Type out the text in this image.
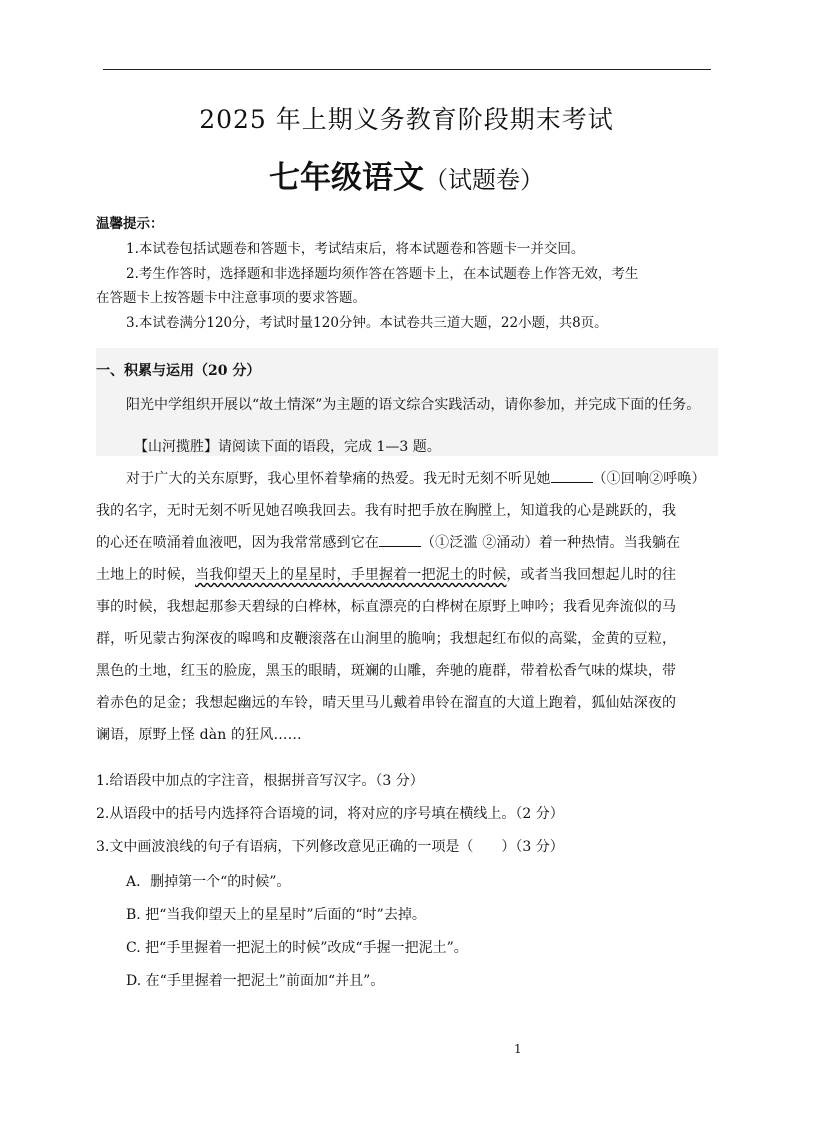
2025 年上期义务教育阶段期末考试
七年级语文（试题卷）
温馨提示：
1.本试卷包括试题卷和答题卡，考试结束后，将本试题卷和答题卡一并交回。
2.考生作答时，选择题和非选择题均须作答在答题卡上，在本试题卷上作答无效，考生
在答题卡上按答题卡中注意事项的要求答题。
3.本试卷满分120分，考试时量120分钟。本试卷共三道大题，22小题，共8页。
一、积累与运用（20 分）
阳光中学组织开展以“故土情深”为主题的语文综合实践活动，请你参加，并完成下面的任务。
【山河揽胜】请阅读下面的语段，完成 1—3 题。
对于广大的关东原野，我心里怀着挚痛的热爱。我无时无刻不听见她	（①回响②呼唤）
我的名字，无时无刻不听见她召唤我回去。我有时把手放在胸膛上，知道我的心是跳跃的，我
的心还在喷涌着血液吧，因为我常常感到它在	（①泛滥 ②涌动）着一种热情。当我躺在
土地上的时候，当我仰望天上的星星时，手里握着一把泥土的时候，或者当我回想起儿时的往
事的时候，我想起那参天碧绿的白桦林，标直漂亮的白桦树在原野上呻吟；我看见奔流似的马
群，听见蒙古狗深夜的嗥鸣和皮鞭滚落在山涧里的脆响；我想起红布似的高粱，金黄的豆粒，
黑色的土地，红玉的脸庞，黑玉的眼睛，斑斓的山雕，奔驰的鹿群，带着松香气味的煤块，带
着赤色的足金；我想起幽远的车铃，晴天里马儿戴着串铃在溜直的大道上跑着，狐仙姑深夜的
谰语，原野上怪 dàn 的狂风……
1.给语段中加点的字注音，根据拼音写汉字。（3 分）
2.从语段中的括号内选择符合语境的词，将对应的序号填在横线上。（2 分）
3.文中画波浪线的句子有语病，下列修改意见正确的一项是（　　）（3 分）
A．删掉第一个“的时候”。
B. 把“当我仰望天上的星星时”后面的“时”去掉。
C. 把“手里握着一把泥土的时候”改成“手握一把泥土”。
D. 在“手里握着一把泥土”前面加“并且”。
1
